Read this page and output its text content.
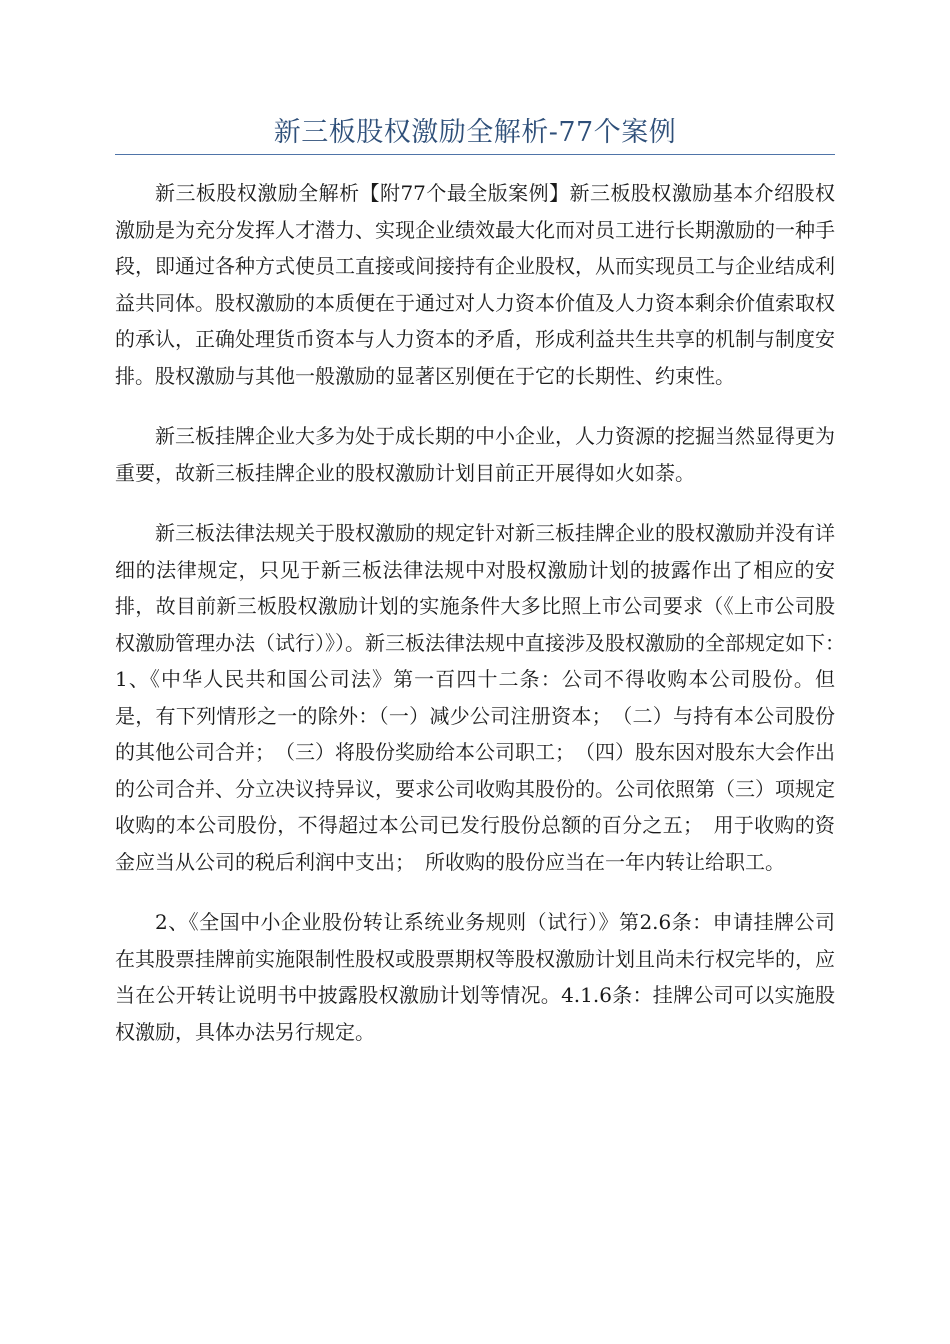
新三板股权激励全解析-77个案例

新三板股权激励全解析【附77个最全版案例】新三板股权激励基本介绍股权激励是为充分发挥人才潜力、实现企业绩效最大化而对员工进行长期激励的一种手段，即通过各种方式使员工直接或间接持有企业股权，从而实现员工与企业结成利益共同体。股权激励的本质便在于通过对人力资本价值及人力资本剩余价值索取权的承认，正确处理货币资本与人力资本的矛盾，形成利益共生共享的机制与制度安排。股权激励与其他一般激励的显著区别便在于它的长期性、约束性。

新三板挂牌企业大多为处于成长期的中小企业，人力资源的挖掘当然显得更为重要，故新三板挂牌企业的股权激励计划目前正开展得如火如荼。

新三板法律法规关于股权激励的规定针对新三板挂牌企业的股权激励并没有详细的法律规定，只见于新三板法律法规中对股权激励计划的披露作出了相应的安排，故目前新三板股权激励计划的实施条件大多比照上市公司要求（《上市公司股权激励管理办法（试行）》）。新三板法律法规中直接涉及股权激励的全部规定如下：　1、《中华人民共和国公司法》第一百四十二条：公司不得收购本公司股份。但是，有下列情形之一的除外：（一）减少公司注册资本；　（二）与持有本公司股份的其他公司合并；　（三）将股份奖励给本公司职工；　（四）股东因对股东大会作出的公司合并、分立决议持异议，要求公司收购其股份的。公司依照第（三）项规定收购的本公司股份，不得超过本公司已发行股份总额的百分之五；　用于收购的资金应当从公司的税后利润中支出；　所收购的股份应当在一年内转让给职工。

2、《全国中小企业股份转让系统业务规则（试行）》第2.6条：申请挂牌公司在其股票挂牌前实施限制性股权或股票期权等股权激励计划且尚未行权完毕的，应当在公开转让说明书中披露股权激励计划等情况。4.1.6条：挂牌公司可以实施股权激励，具体办法另行规定。
